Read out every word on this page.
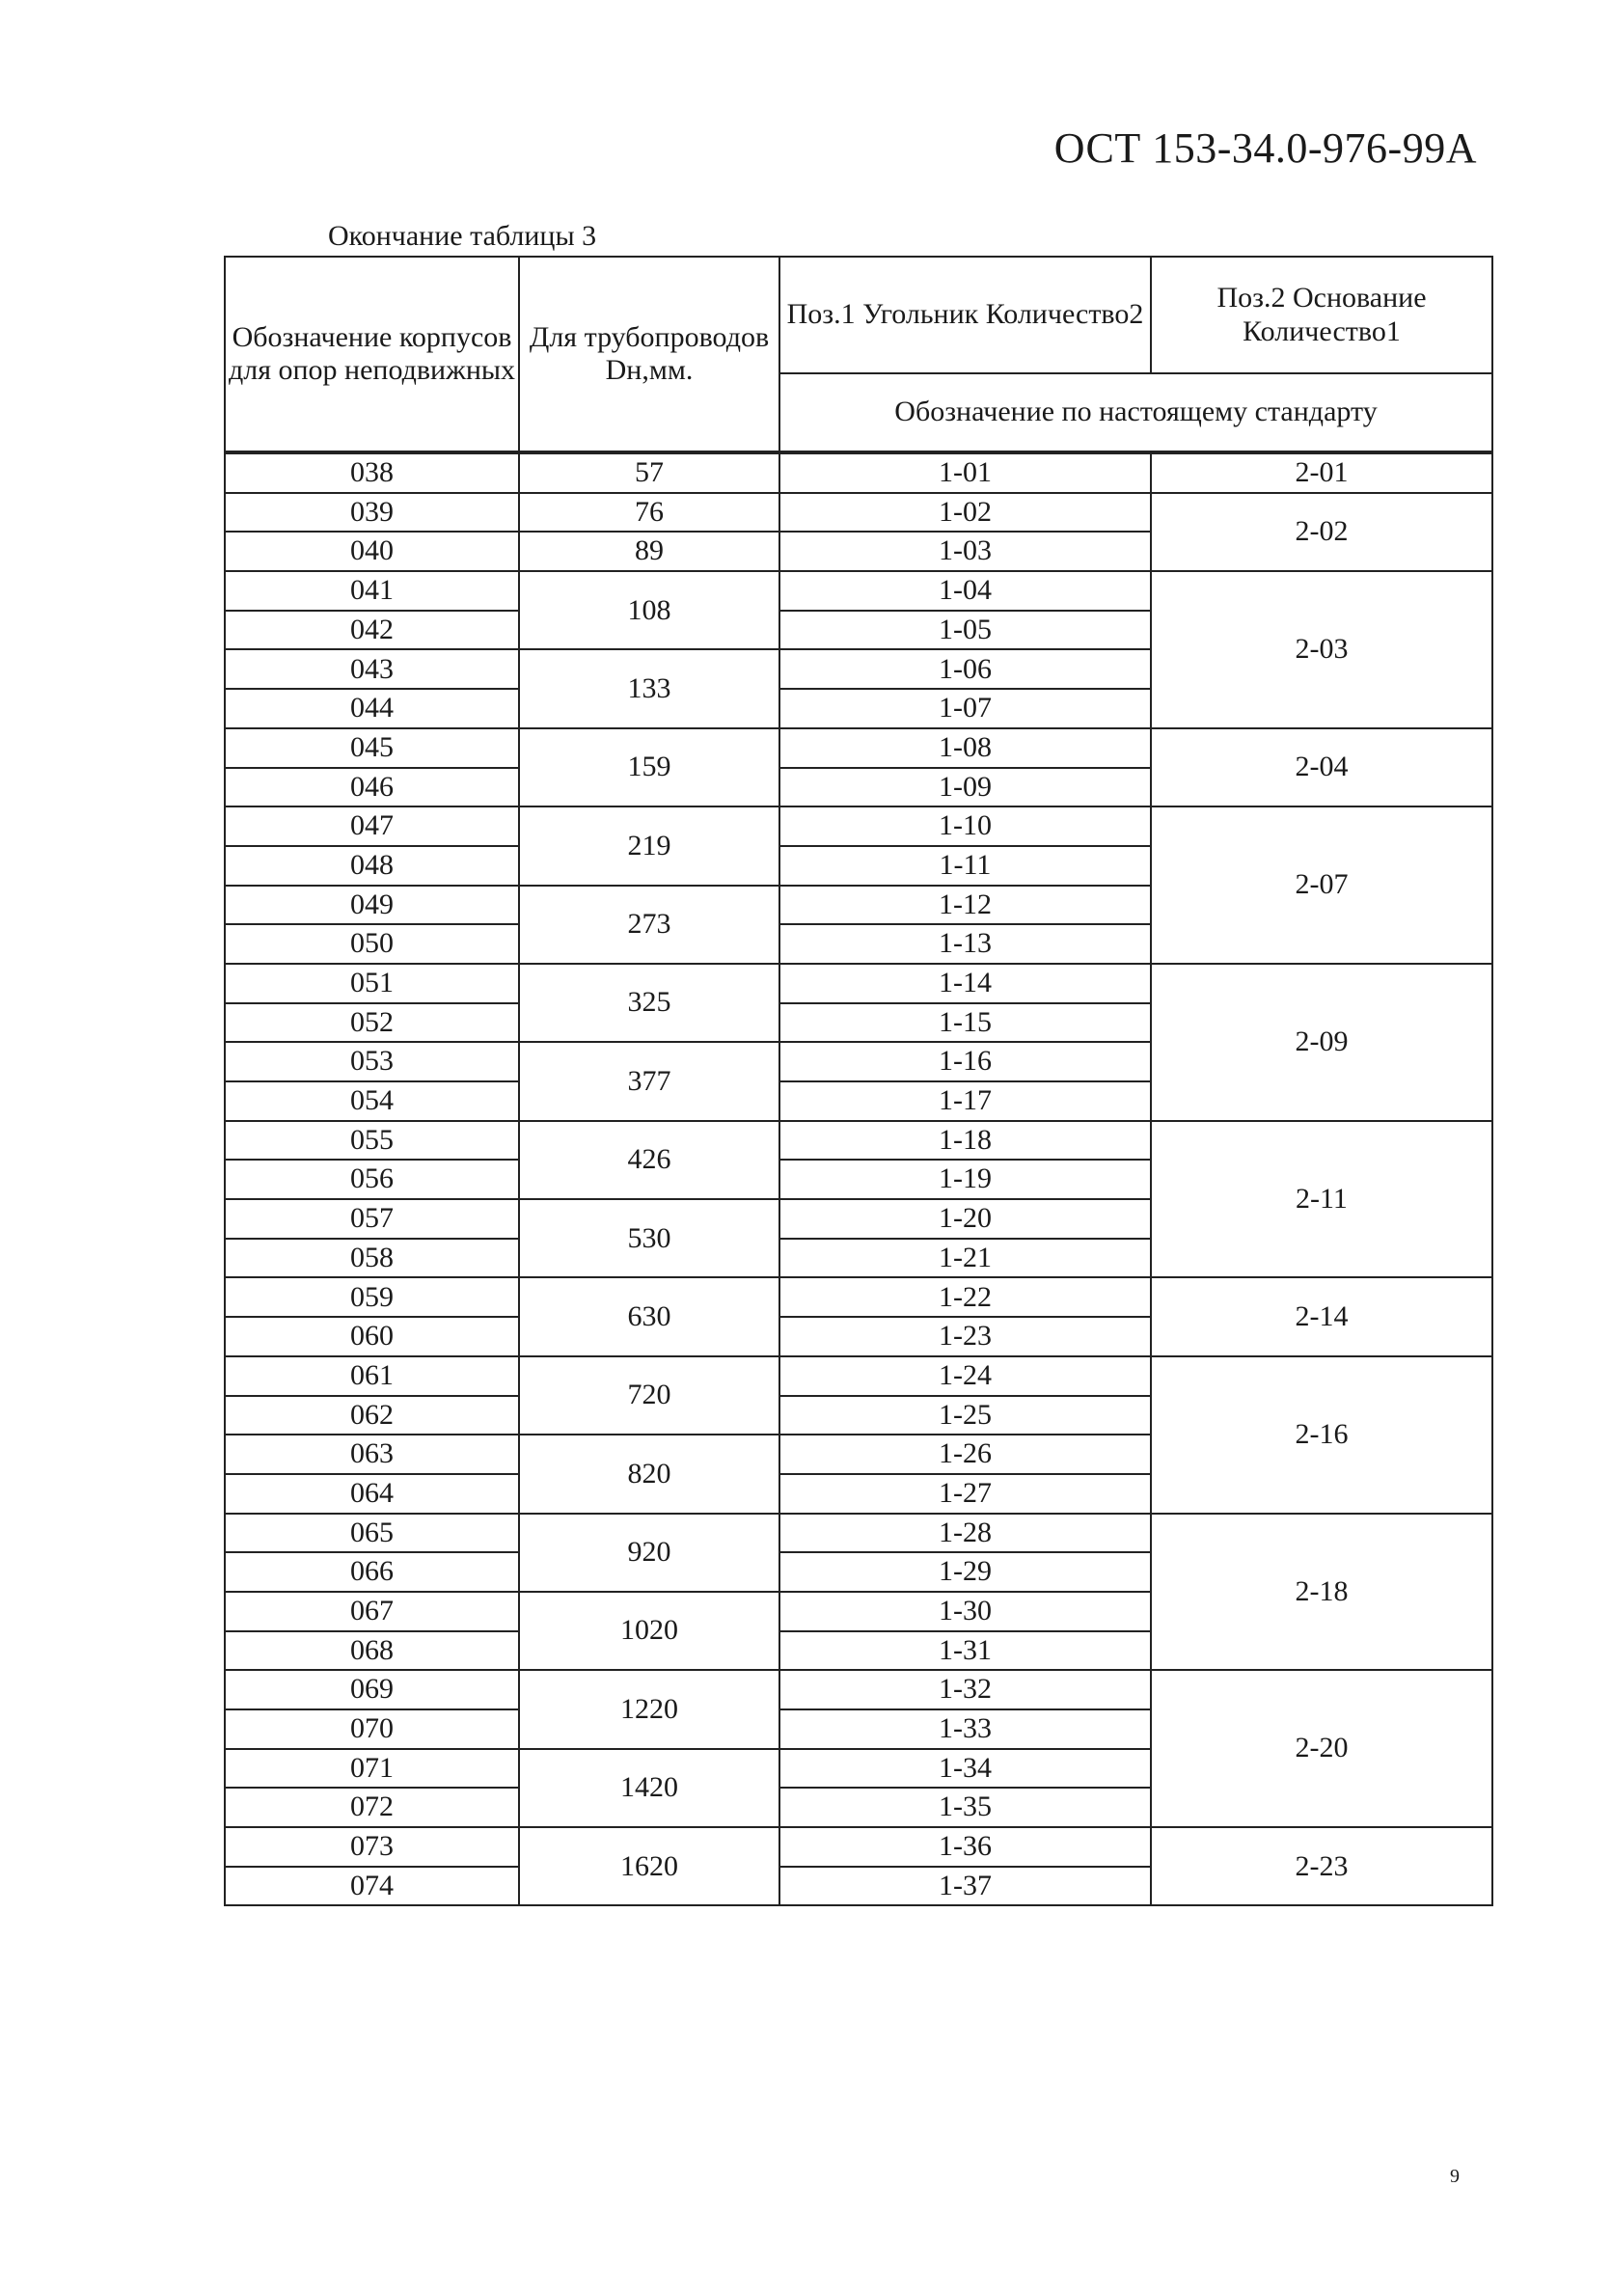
ОСТ 153-34.0-976-99А
Окончание таблицы 3
Обозначение корпусов для опор неподвижных	Для трубопроводов Dн,мм.	Поз.1 Угольник Количество2	Поз.2 Основание Количество1
		Обозначение по настоящему стандарту	
038	57	1-01	2-01
039	76	1-02	2-02
040	89	1-03	
041	108	1-04	2-03
042		1-05	
043	133	1-06	
044		1-07	
045	159	1-08	2-04
046		1-09	
047	219	1-10	2-07
048		1-11	
049	273	1-12	
050		1-13	
051	325	1-14	2-09
052		1-15	
053	377	1-16	
054		1-17	
055	426	1-18	2-11
056		1-19	
057	530	1-20	
058		1-21	
059	630	1-22	2-14
060		1-23	
061	720	1-24	2-16
062		1-25	
063	820	1-26	
064		1-27	
065	920	1-28	2-18
066		1-29	
067	1020	1-30	
068		1-31	
069	1220	1-32	2-20
070		1-33	
071	1420	1-34	
072		1-35	
073	1620	1-36	2-23
074		1-37	
9
